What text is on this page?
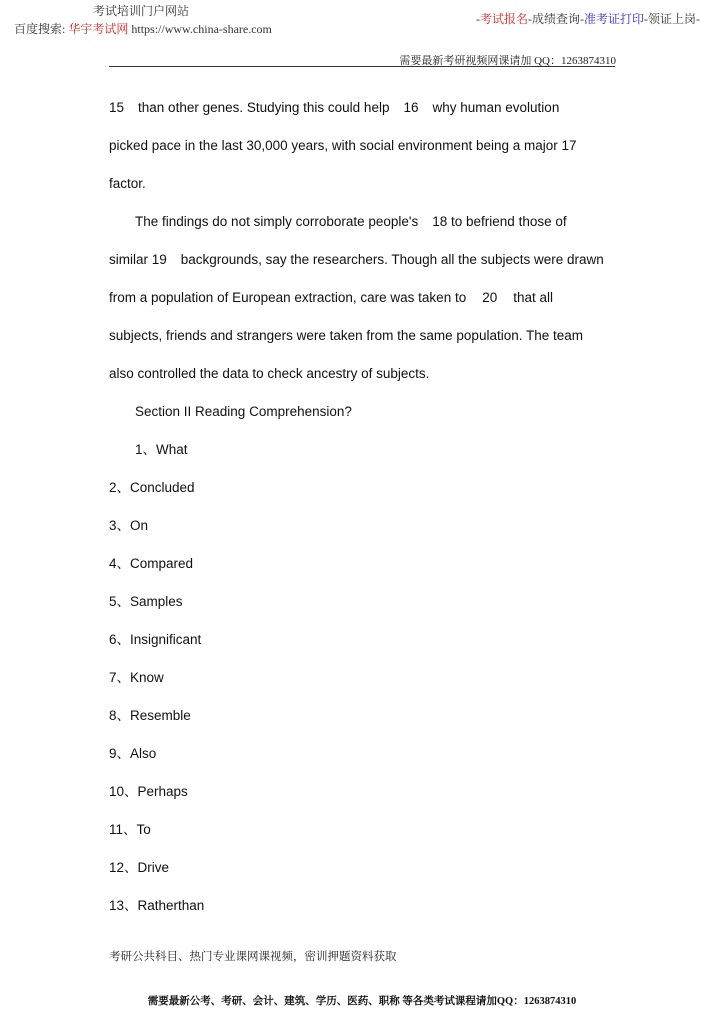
考试培训门户网站
百度搜索: 华宇考试网 https://www.china-share.com
-考试报名-成绩查询-准考证打印-领证上岗-
需要最新考研视频网课请加 QQ：1263874310
15 than other genes. Studying this could help 16 why human evolution
picked pace in the last 30,000 years, with social environment being a major 17
factor.
The findings do not simply corroborate people's 18 to befriend those of
similar 19 backgrounds, say the researchers. Though all the subjects were drawn
from a population of European extraction, care was taken to 20 that all
subjects, friends and strangers were taken from the same population. The team
also controlled the data to check ancestry of subjects.
Section II Reading Comprehension?
1、What
2、Concluded
3、On
4、Compared
5、Samples
6、Insignificant
7、Know
8、Resemble
9、Also
10、Perhaps
11、To
12、Drive
13、Ratherthan
考研公共科目、热门专业课网课视频，密训押题资料获取
需要最新公考、考研、会计、建筑、学历、医药、职称 等各类考试课程请加QQ：1263874310
